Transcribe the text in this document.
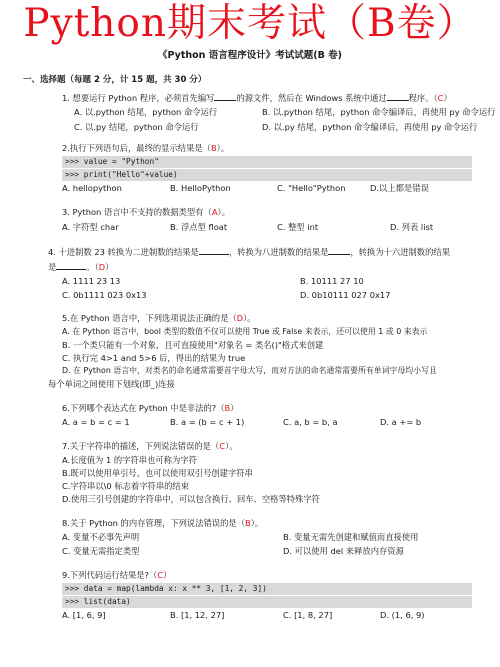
Python期末考试（B卷）
《Python 语言程序设计》考试试题(B 卷)
一、选择题（每题 2 分，计 15 题，共 30 分）
1. 想要运行 Python 程序，必须首先编写	的源文件，然后在 Windows 系统中通过	程序。（C）
A. 以.python 结尾，python 命令运行	B. 以.python 结尾，python 命令编译后，再使用 py 命令运行
C. 以.py 结尾，python 命令运行	D. 以.py 结尾，python 命令编译后，再使用 py 命令运行
2.执行下列语句后，最终的显示结果是（B）。
>>> value = "Python"
>>> print("Hello"+value)
A. hellopython	B. HelloPython	C. "Hello"Python	D.以上都是错误
3. Python 语言中不支持的数据类型有（A）。
A. 字符型 char	B. 浮点型 float	C. 整型 int	D. 列表 list
4. 十进制数 23 转换为二进制数的结果是	，转换为八进制数的结果是	，转换为十六进制数的结果
是	。（D）
A. 1111 23 13	B. 10111 27 10
C. 0b1111 023 0x13	D. 0b10111 027 0x17
5.在 Python 语言中，下列选项说法正确的是（D）。
A. 在 Python 语言中，bool 类型的数值不仅可以使用 True 或 False 来表示，还可以使用 1 或 0 来表示
B. 一个类只能有一个对象，且可直接使用"对象名 = 类名()"格式来创建
C. 执行完 4>1 and 5>6 后，得出的结果为 true
D. 在 Python 语言中，对类名的命名通常需要首字母大写，而对方法的命名通常需要所有单词字母均小写且
每个单词之间使用下划线(即_)连接
6.下列哪个表达式在 Python 中是非法的?（B）
A. a = b = c = 1	B. a = (b = c + 1)	C. a, b = b, a	D. a += b
7.关于字符串的描述，下列说法错误的是（C）。
A.长度值为 1 的字符串也可称为字符
B.既可以使用单引号，也可以使用双引号创建字符串
C.字符串以\0 标志着字符串的结束
D.使用三引号创建的字符串中，可以包含换行、回车、空格等特殊字符
8.关于 Python 的内存管理，下列说法错误的是（B）。
A. 变量不必事先声明	B. 变量无需先创建和赋值而直接使用
C. 变量无需指定类型	D. 可以使用 del 来释放内存资源
9.下列代码运行结果是?（C）
>>> data = map(lambda x: x ** 3, [1, 2, 3])
>>> list(data)
A. [1, 6, 9]	B. [1, 12, 27]	C. [1, 8, 27]	D. (1, 6, 9)
